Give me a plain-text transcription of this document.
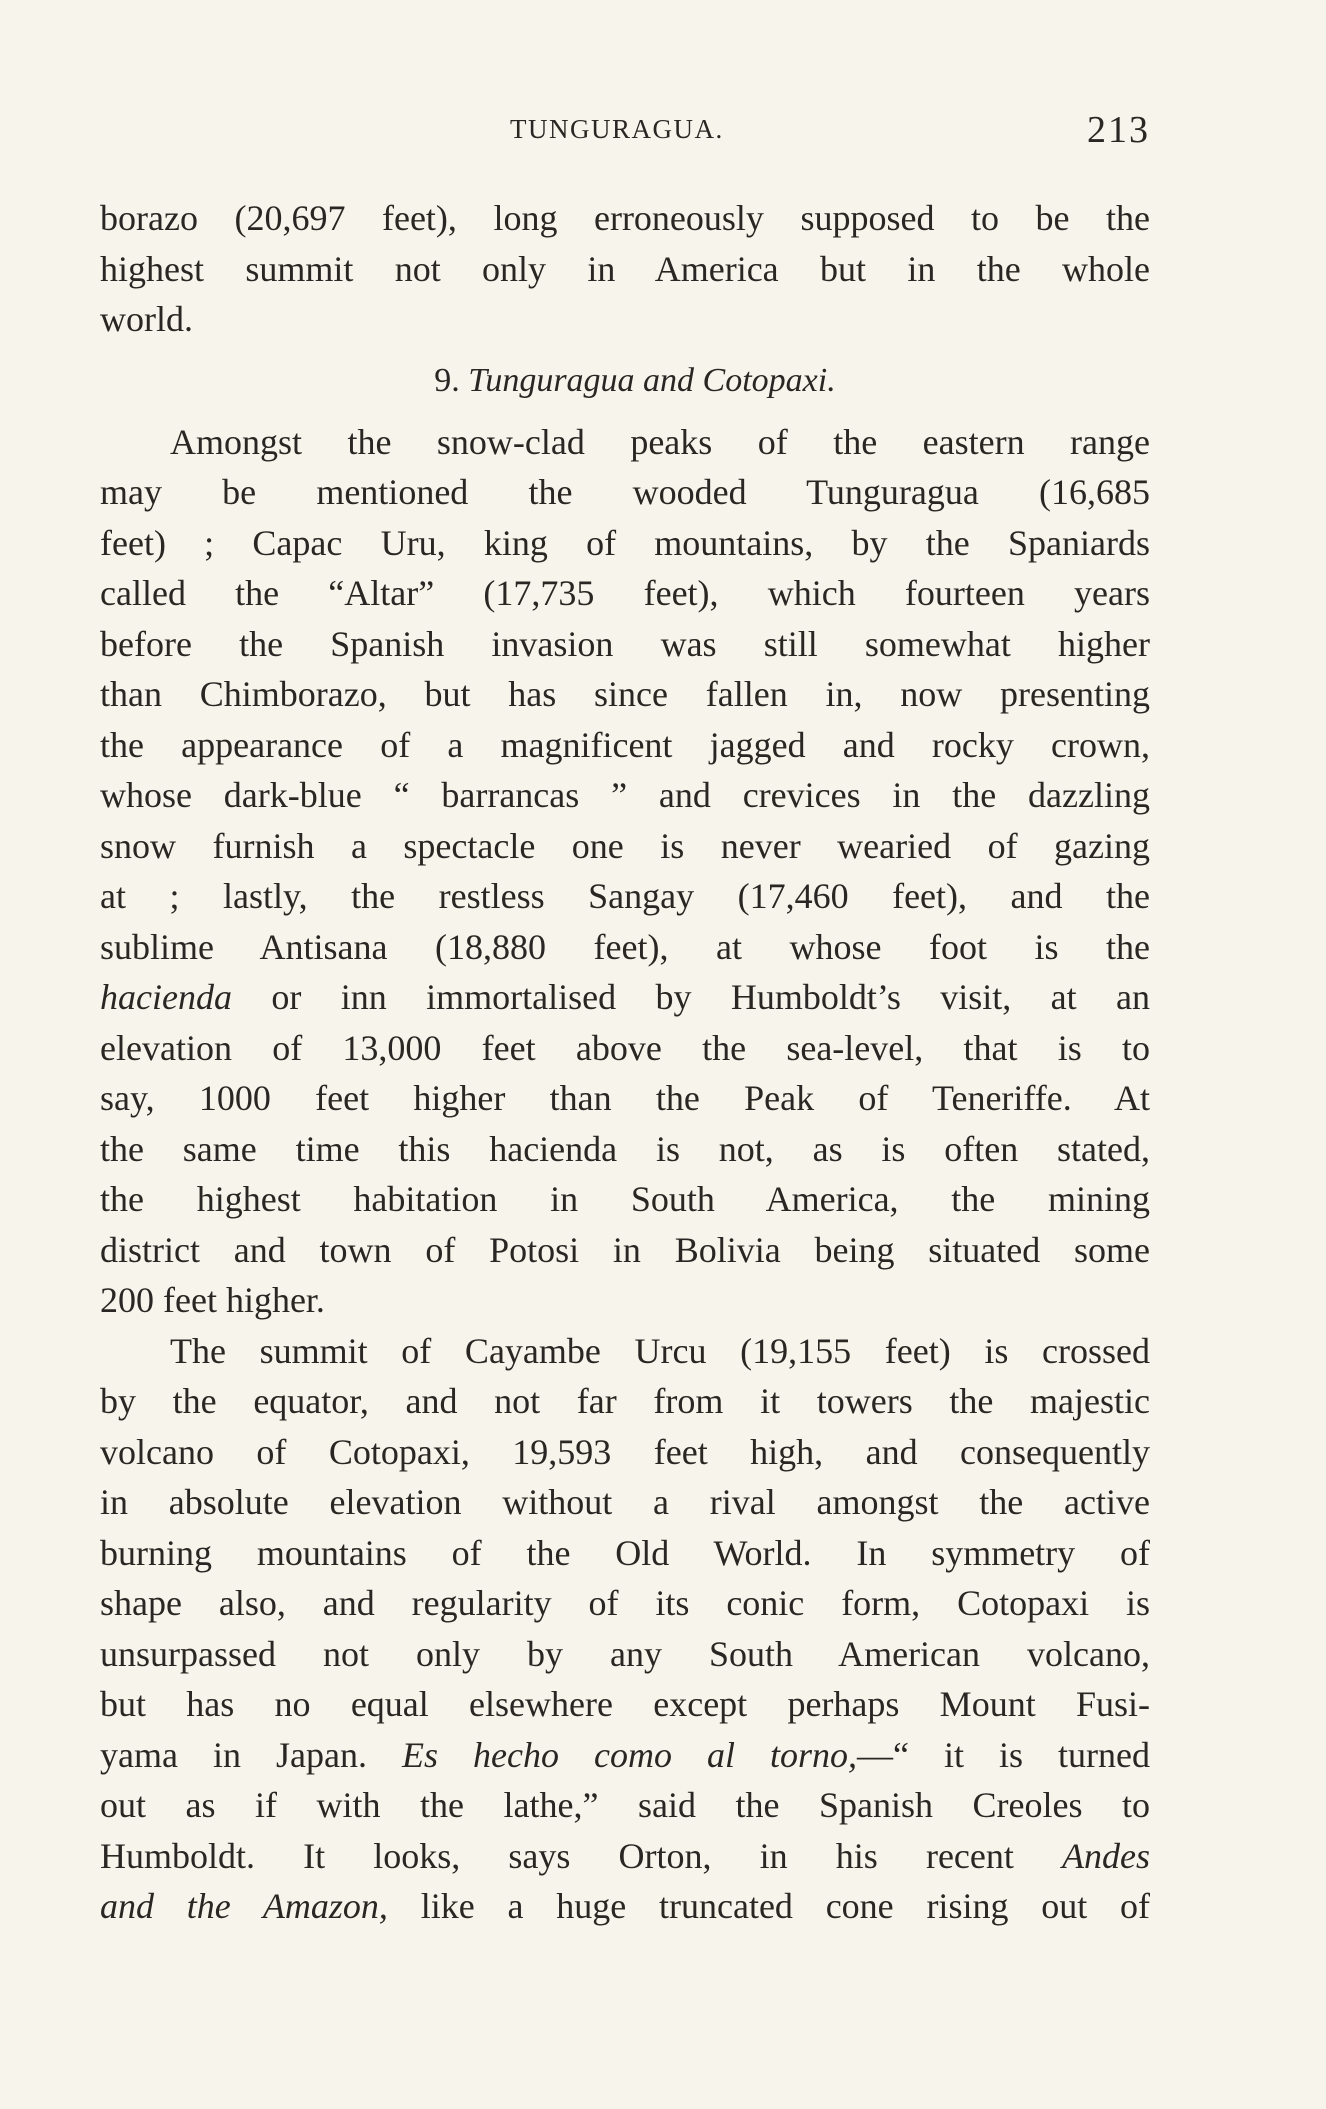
TUNGURAGUA.	213
borazo (20,697 feet), long erroneously supposed to be the
highest summit not only in America but in the whole
world.
9. Tunguragua and Cotopaxi.
Amongst the snow-clad peaks of the eastern range
may be mentioned the wooded Tunguragua (16,685
feet) ; Capac Uru, king of mountains, by the Spaniards
called the “Altar” (17,735 feet), which fourteen years
before the Spanish invasion was still somewhat higher
than Chimborazo, but has since fallen in, now presenting
the appearance of a magnificent jagged and rocky crown,
whose dark-blue “ barrancas ” and crevices in the dazzling
snow furnish a spectacle one is never wearied of gazing
at ; lastly, the restless Sangay (17,460 feet), and the
sublime Antisana (18,880 feet), at whose foot is the
hacienda or inn immortalised by Humboldt’s visit, at an
elevation of 13,000 feet above the sea-level, that is to
say, 1000 feet higher than the Peak of Teneriffe. At
the same time this hacienda is not, as is often stated,
the highest habitation in South America, the mining
district and town of Potosi in Bolivia being situated some
200 feet higher.
The summit of Cayambe Urcu (19,155 feet) is crossed
by the equator, and not far from it towers the majestic
volcano of Cotopaxi, 19,593 feet high, and consequently
in absolute elevation without a rival amongst the active
burning mountains of the Old World. In symmetry of
shape also, and regularity of its conic form, Cotopaxi is
unsurpassed not only by any South American volcano,
but has no equal elsewhere except perhaps Mount Fusi-
yama in Japan. Es hecho como al torno,—“ it is turned
out as if with the lathe,” said the Spanish Creoles to
Humboldt. It looks, says Orton, in his recent Andes
and the Amazon, like a huge truncated cone rising out of
